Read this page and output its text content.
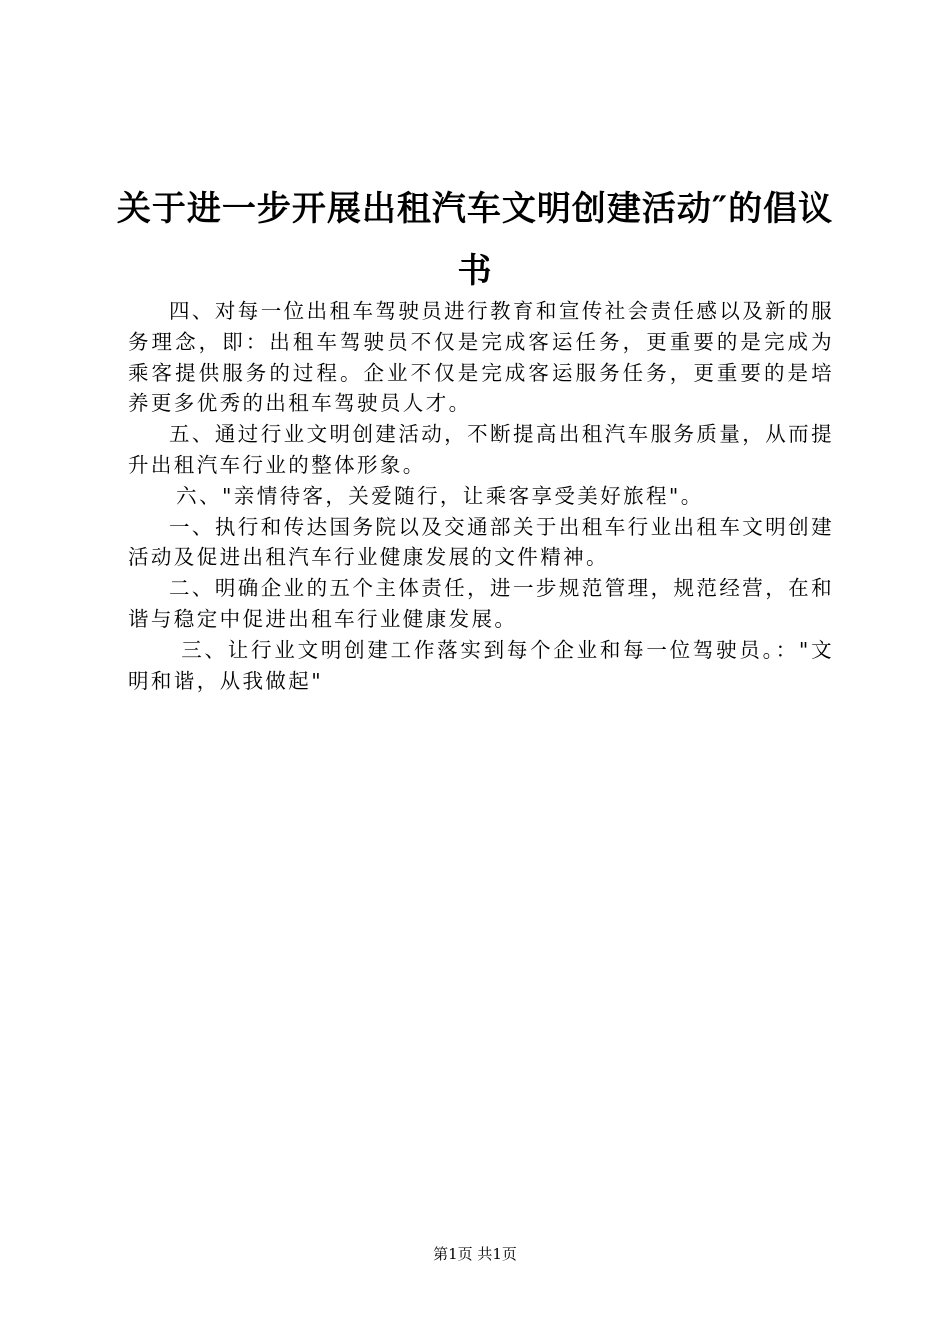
关于进一步开展出租汽车文明创建活动″的倡议书

四、对每一位出租车驾驶员进行教育和宣传社会责任感以及新的服务理念，即：出租车驾驶员不仅是完成客运任务，更重要的是完成为乘客提供服务的过程。企业不仅是完成客运服务任务，更重要的是培养更多优秀的出租车驾驶员人才。

五、通过行业文明创建活动，不断提高出租汽车服务质量，从而提升出租汽车行业的整体形象。

六、"亲情待客，关爱随行，让乘客享受美好旅程"。

一、执行和传达国务院以及交通部关于出租车行业出租车文明创建活动及促进出租汽车行业健康发展的文件精神。

二、明确企业的五个主体责任，进一步规范管理，规范经营，在和谐与稳定中促进出租车行业健康发展。

三、让行业文明创建工作落实到每个企业和每一位驾驶员。："文明和谐，从我做起"

第1页 共1页
